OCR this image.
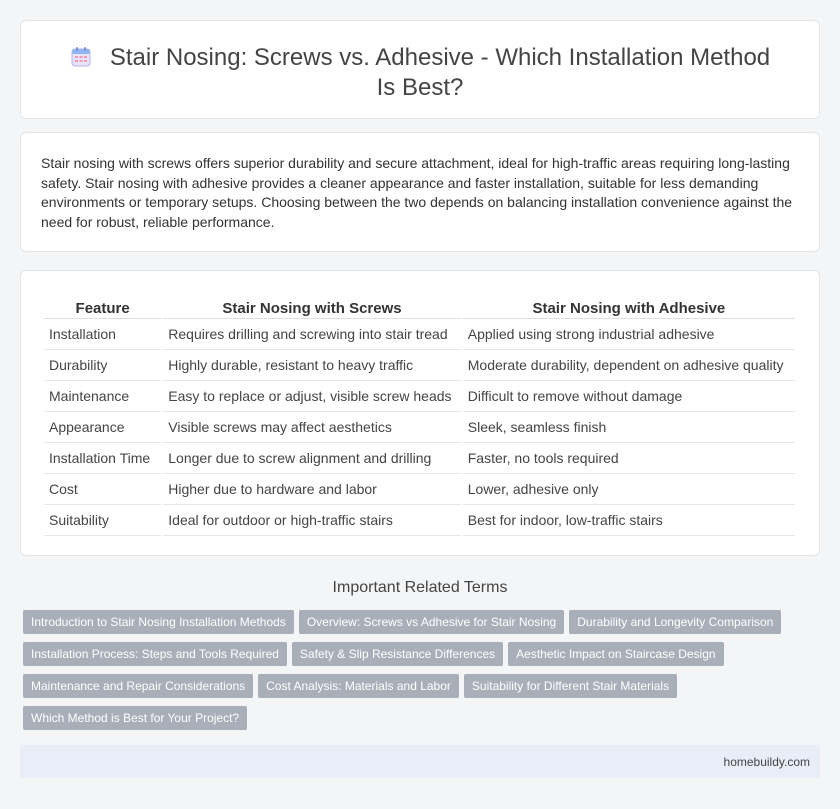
Stair Nosing: Screws vs. Adhesive - Which Installation Method Is Best?

Stair nosing with screws offers superior durability and secure attachment, ideal for high-traffic areas requiring long-lasting safety. Stair nosing with adhesive provides a cleaner appearance and faster installation, suitable for less demanding environments or temporary setups. Choosing between the two depends on balancing installation convenience against the need for robust, reliable performance.

Feature	Stair Nosing with Screws	Stair Nosing with Adhesive
Installation	Requires drilling and screwing into stair tread	Applied using strong industrial adhesive
Durability	Highly durable, resistant to heavy traffic	Moderate durability, dependent on adhesive quality
Maintenance	Easy to replace or adjust, visible screw heads	Difficult to remove without damage
Appearance	Visible screws may affect aesthetics	Sleek, seamless finish
Installation Time	Longer due to screw alignment and drilling	Faster, no tools required
Cost	Higher due to hardware and labor	Lower, adhesive only
Suitability	Ideal for outdoor or high-traffic stairs	Best for indoor, low-traffic stairs
Important Related Terms
Introduction to Stair Nosing Installation Methods Overview: Screws vs Adhesive for Stair Nosing Durability and Longevity ComparisonInstallation Process: Steps and Tools Required Safety & Slip Resistance Differences Aesthetic Impact on Staircase DesignMaintenance and Repair Considerations Cost Analysis: Materials and Labor Suitability for Different Stair MaterialsWhich Method is Best for Your Project?
homebuildy.com
